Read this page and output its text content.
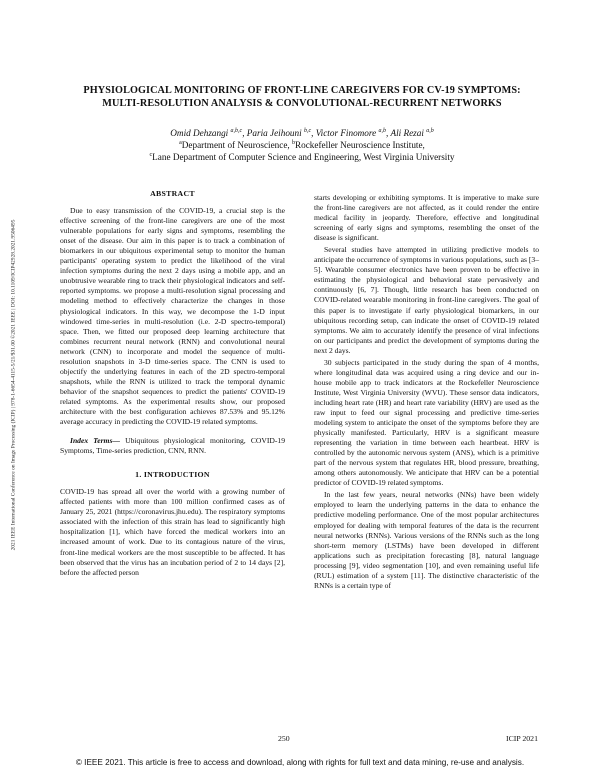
2021 IEEE International Conference on Image Processing (ICIP) | 978-1-6654-4115-5/21/$31.00 ©2021 IEEE | DOI: 10.1109/ICIP42928.2021.9506495
PHYSIOLOGICAL MONITORING OF FRONT-LINE CAREGIVERS FOR CV-19 SYMPTOMS:
MULTI-RESOLUTION ANALYSIS & CONVOLUTIONAL-RECURRENT NETWORKS
Omid Dehzangi $^{a,b,c}$, Paria Jeihouni $^{b,c}$, Victor Finomore $^{a,b}$, Ali Rezai $^{a,b}$
$^a$Department of Neuroscience, $^b$Rockefeller Neuroscience Institute,
$^c$Lane Department of Computer Science and Engineering, West Virginia University
ABSTRACT

Due to easy transmission of the COVID-19, a crucial step is the effective screening of the front-line caregivers are one of the most vulnerable populations for early signs and symptoms, resembling the onset of the disease. Our aim in this paper is to track a combination of biomarkers in our ubiquitous experimental setup to monitor the human participants' operating system to predict the likelihood of the viral infection symptoms during the next 2 days using a mobile app, and an unobtrusive wearable ring to track their physiological indicators and self-reported symptoms. we propose a multi-resolution signal processing and modeling method to effectively characterize the changes in those physiological indicators. In this way, we decompose the 1-D input windowed time-series in multi-resolution (i.e. 2-D spectro-temporal) space. Then, we fitted our proposed deep learning architecture that combines recurrent neural network (RNN) and convolutional neural network (CNN) to incorporate and model the sequence of multi-resolution snapshots in 3-D time-series space. The CNN is used to objectify the underlying features in each of the 2D spectro-temporal snapshots, while the RNN is utilized to track the temporal dynamic behavior of the snapshot sequences to predict the patients' COVID-19 related symptoms. As the experimental results show, our proposed architecture with the best configuration achieves 87.53% and 95.12% average accuracy in predicting the COVID-19 related symptoms.

Index Terms— Ubiquitous physiological monitoring, COVID-19 Symptoms, Time-series prediction, CNN, RNN.

1. INTRODUCTION

COVID-19 has spread all over the world with a growing number of affected patients with more than 100 million confirmed cases as of January 25, 2021 (https://coronavirus.jhu.edu). The respiratory symptoms associated with the infection of this strain has lead to significantly high hospitalization [1], which have forced the medical workers into an increased amount of work. Due to its contagious nature of the virus, front-line medical workers are the most susceptible to be affected. It has been observed that the virus has an incubation period of 2 to 14 days [2], before the affected person

starts developing or exhibiting symptoms. It is imperative to make sure the front-line caregivers are not affected, as it could render the entire medical facility in jeopardy. Therefore, effective and longitudinal screening of early signs and symptoms, resembling the onset of the disease is significant.

Several studies have attempted in utilizing predictive models to anticipate the occurrence of symptoms in various populations, such as [3–5]. Wearable consumer electronics have been proven to be effective in estimating the physiological and behavioral state pervasively and continuously [6, 7]. Though, little research has been conducted on COVID-related wearable monitoring in front-line caregivers. The goal of this paper is to investigate if early physiological biomarkers, in our ubiquitous recording setup, can indicate the onset of COVID-19 related symptoms. We aim to accurately identify the presence of viral infections on our participants and predict the development of symptoms during the next 2 days.

30 subjects participated in the study during the span of 4 months, where longitudinal data was acquired using a ring device and our in-house mobile app to track indicators at the Rockefeller Neuroscience Institute, West Virginia University (WVU). These sensor data indicators, including heart rate (HR) and heart rate variability (HRV) are used as the raw input to feed our signal processing and predictive time-series modeling system to anticipate the onset of the symptoms before they are physically manifested. Particularly, HRV is a significant measure representing the variation in time between each heartbeat. HRV is controlled by the autonomic nervous system (ANS), which is a primitive part of the nervous system that regulates HR, blood pressure, breathing, among others autonomously. We anticipate that HRV can be a potential predictor of COVID-19 related symptoms.

In the last few years, neural networks (NNs) have been widely employed to learn the underlying patterns in the data to enhance the predictive modeling performance. One of the most popular architectures employed for dealing with temporal features of the data is the recurrent neural networks (RNNs). Various versions of the RNNs such as the long short-term memory (LSTMs) have been developed in different applications such as precipitation forecasting [8], natural language processing [9], video segmentation [10], and even remaining useful life (RUL) estimation of a system [11]. The distinctive characteristic of the RNNs is a certain type of

250	ICIP 2021
© IEEE 2021. This article is free to access and download, along with rights for full text and data mining, re-use and analysis.
